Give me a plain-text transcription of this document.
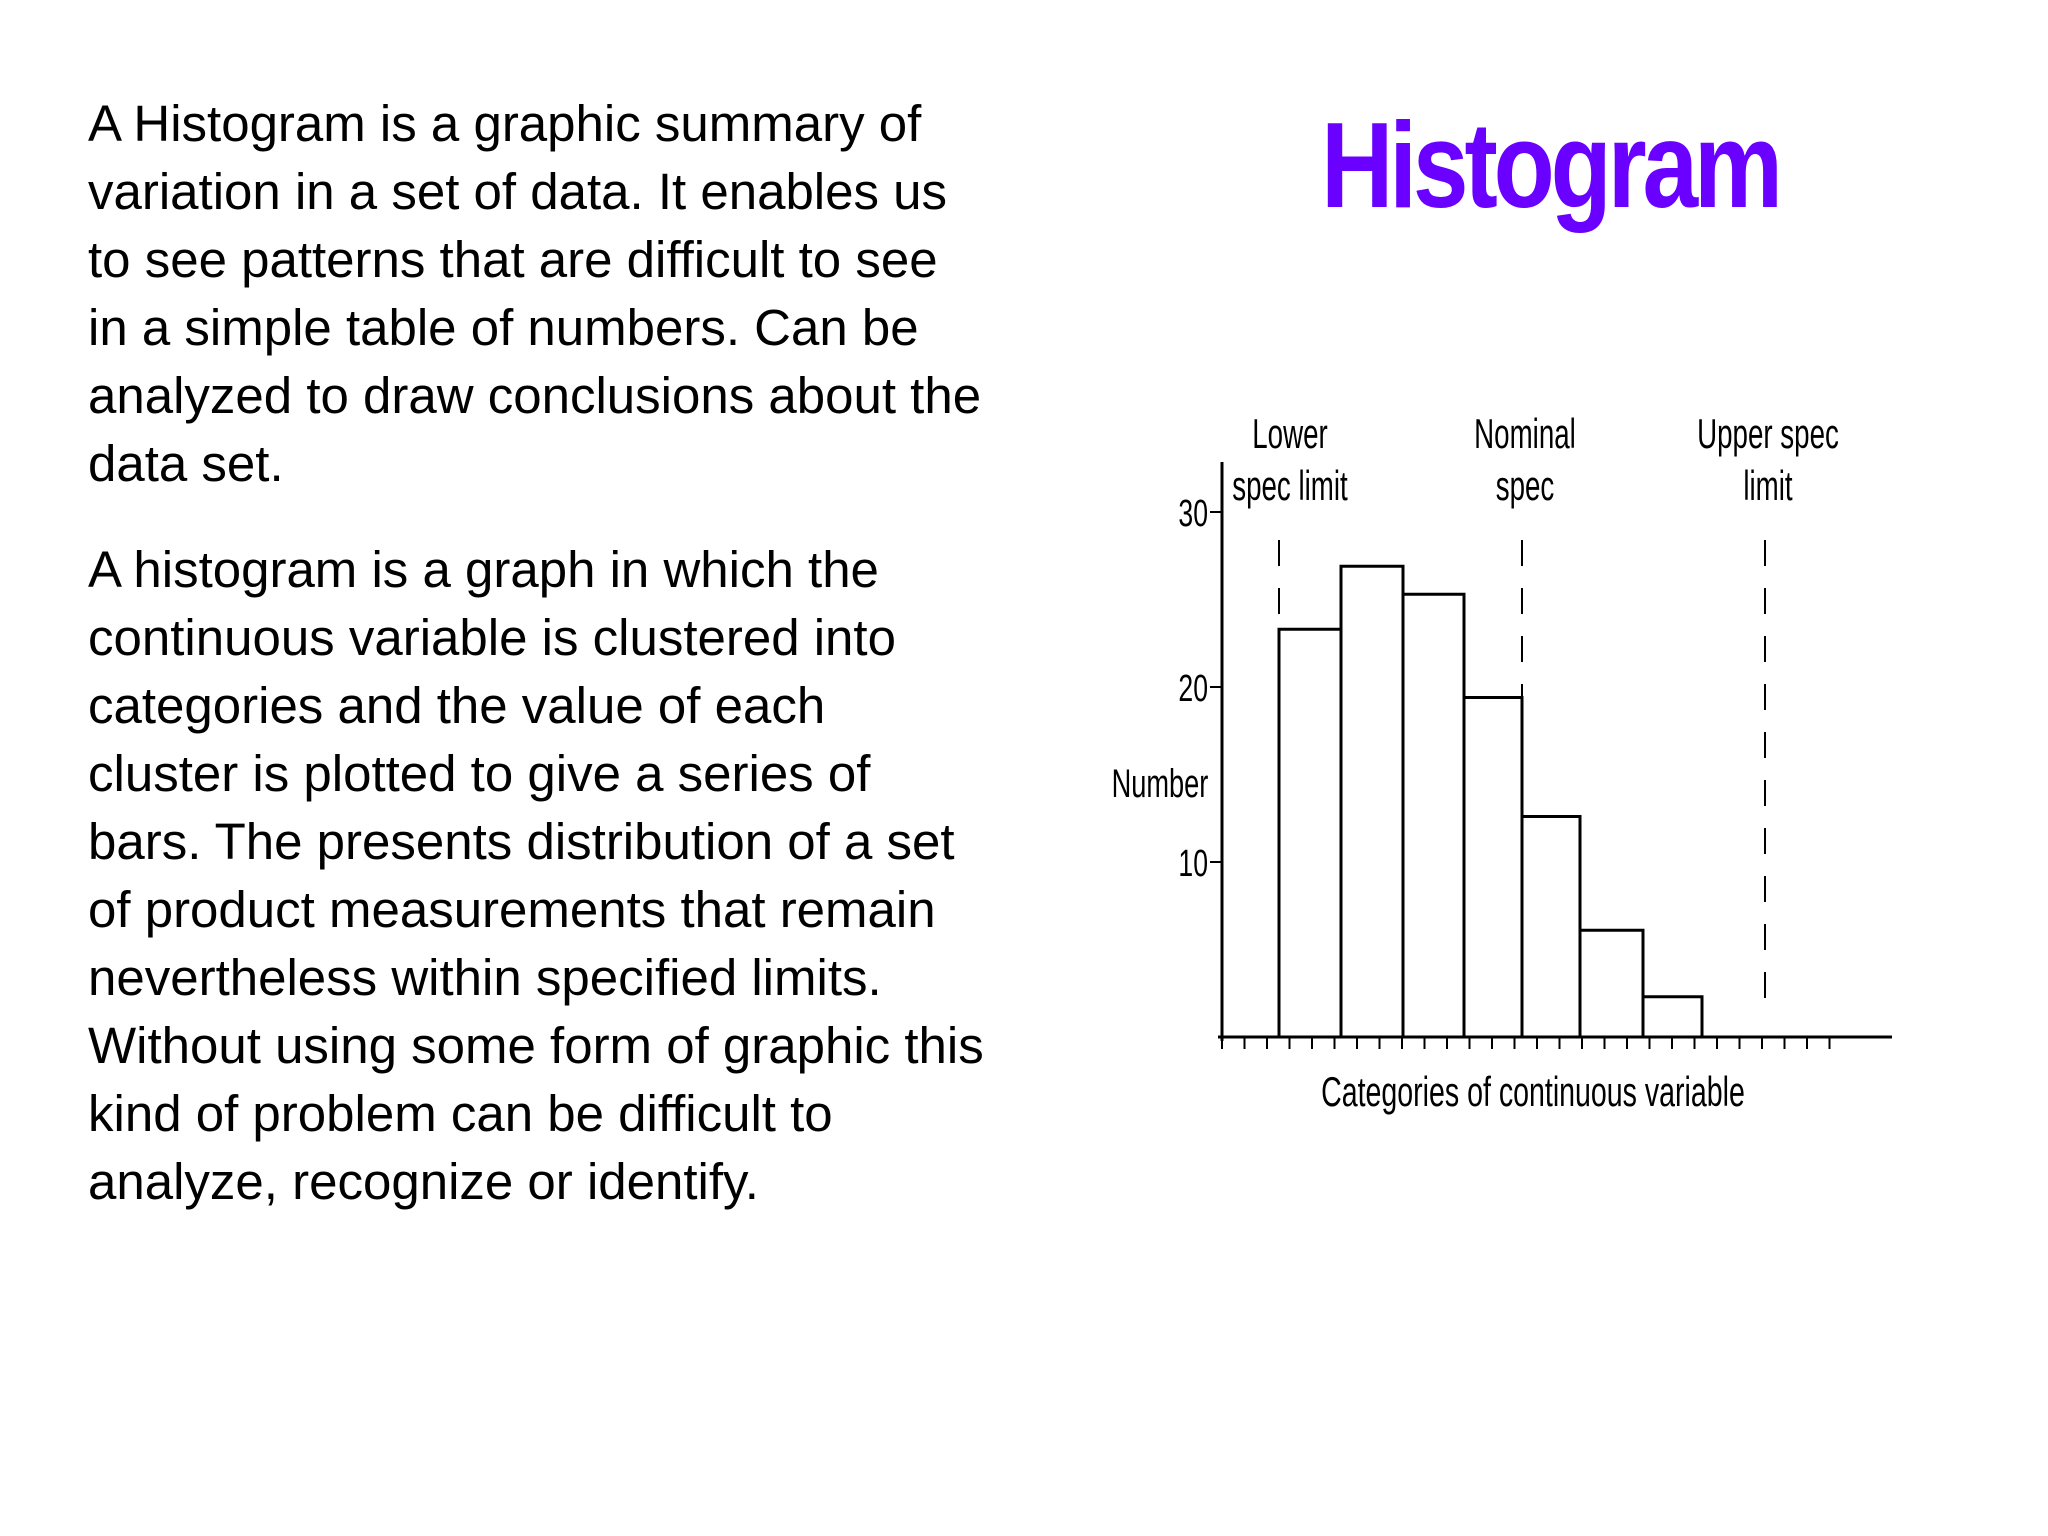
A Histogram is a graphic summary of variation in a set of data. It enables us to see patterns that are difficult to see in a simple table of numbers. Can be analyzed to draw conclusions about the data set.

A histogram is a graph in which the continuous variable is clustered into categories and the value of each cluster is plotted to give a series of bars. The presents distribution of a set of product measurements that remain nevertheless within specified limits. Without using some form of graphic this kind of problem can be difficult to analyze, recognize or identify.

Histogram
10
20
30
Number
Lower
spec limit
Nominal
spec
Upper spec
limit
Categories of continuous variable
